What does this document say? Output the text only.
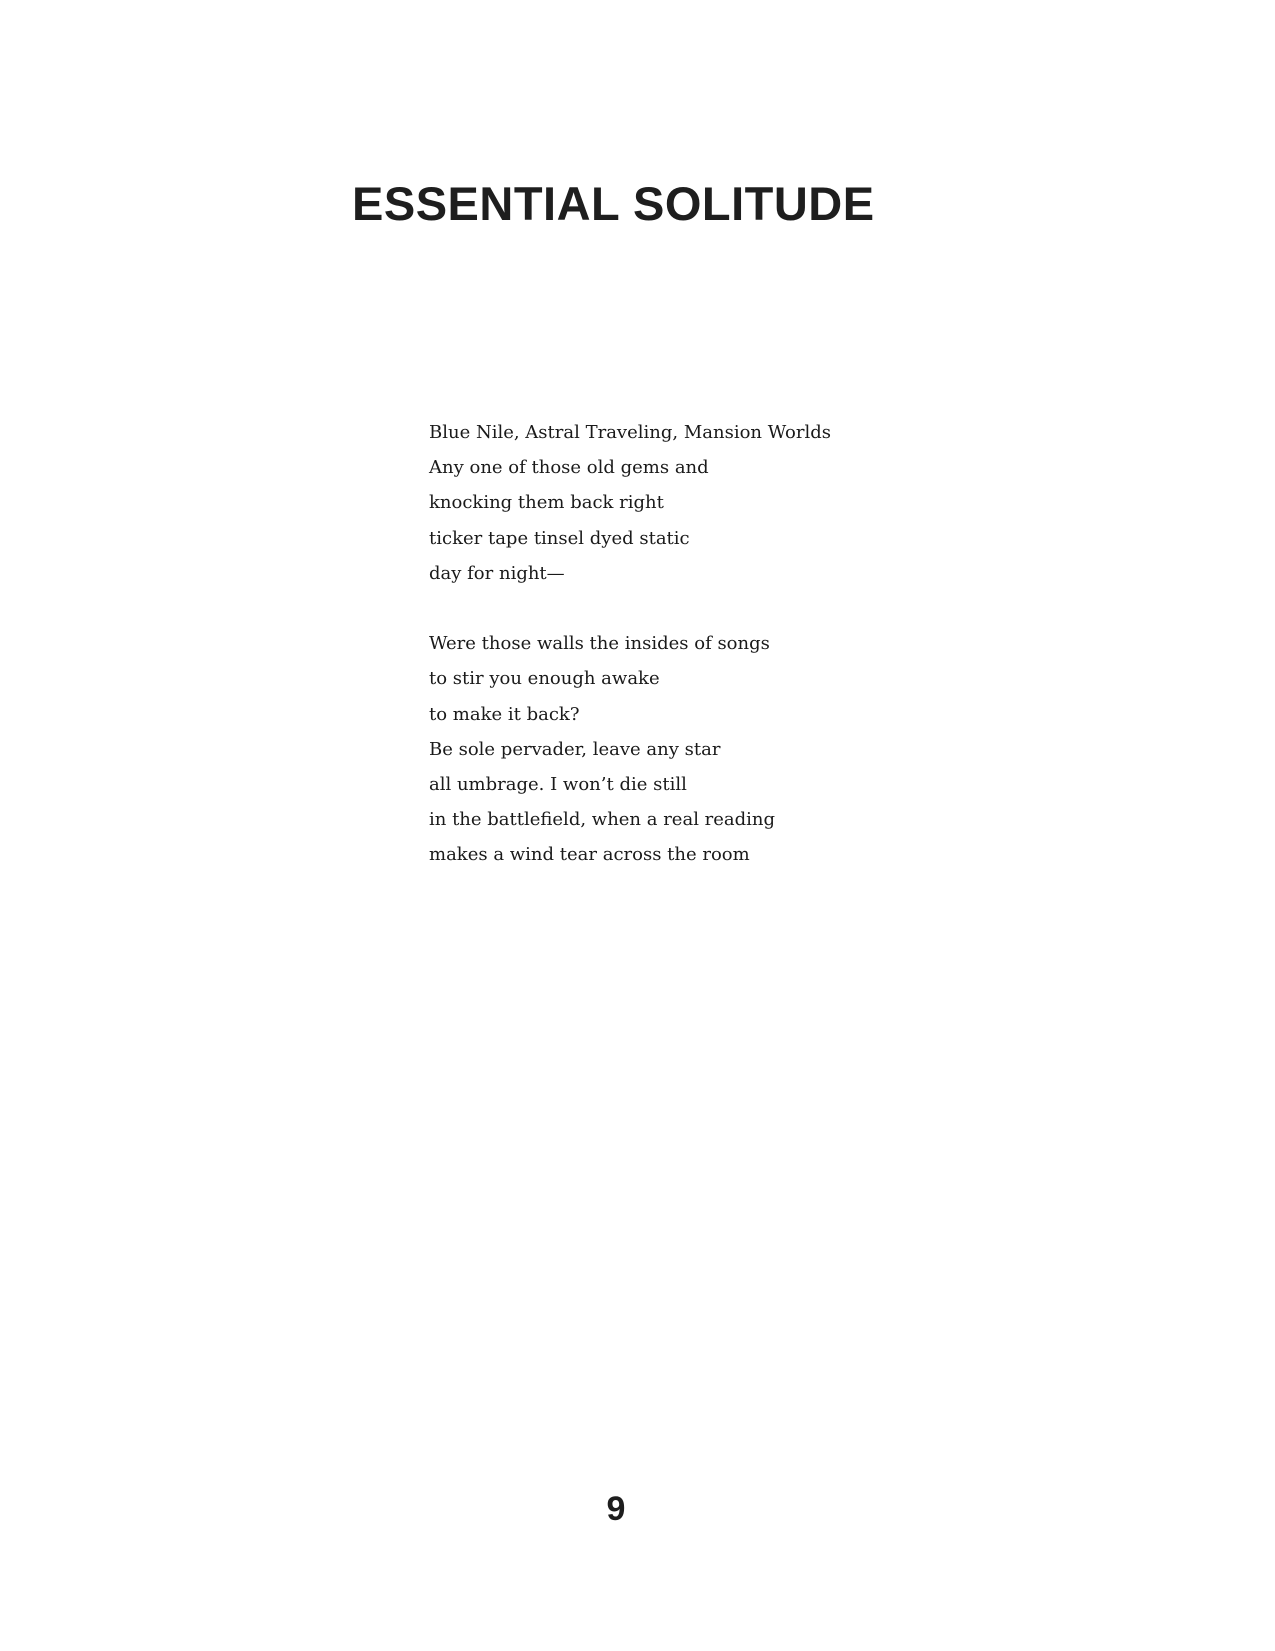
ESSENTIAL SOLITUDE

Blue Nile, Astral Traveling, Mansion Worlds
Any one of those old gems and
knocking them back right
ticker tape tinsel dyed static
day for night—

Were those walls the insides of songs
to stir you enough awake
to make it back?
Be sole pervader, leave any star
all umbrage. I won’t die still
in the battlefield, when a real reading
makes a wind tear across the room

9
